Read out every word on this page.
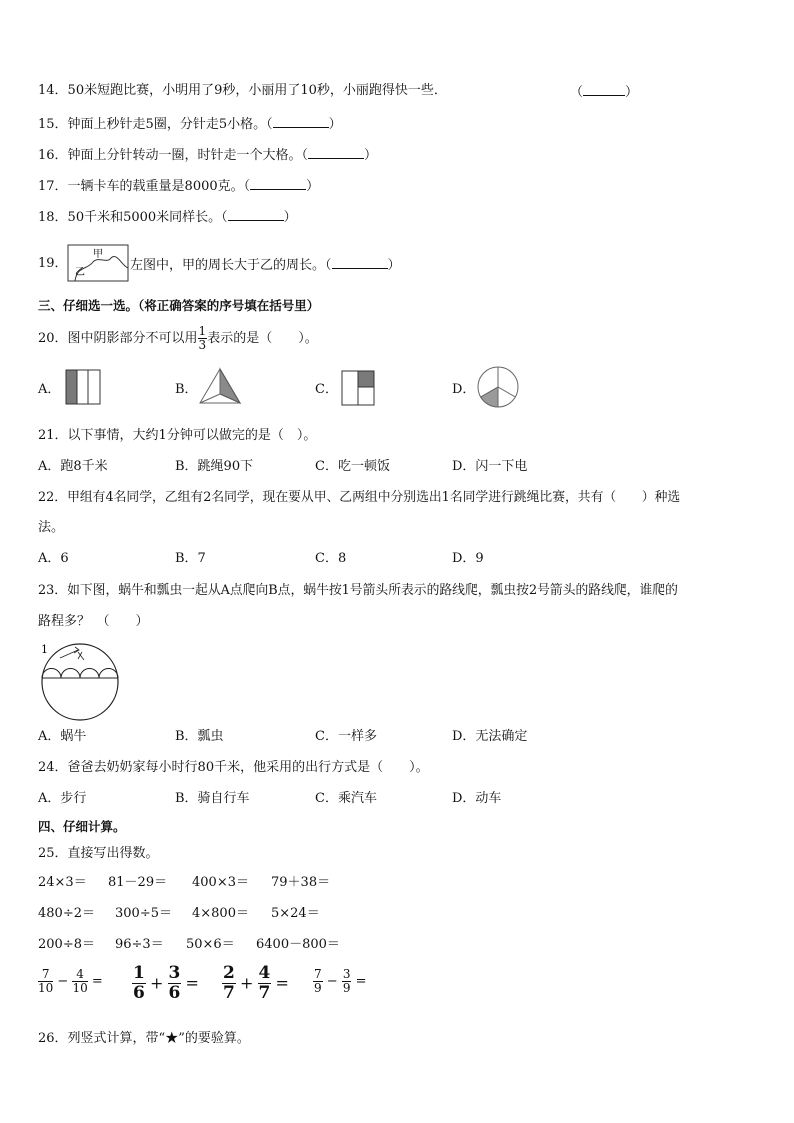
14．50米短跑比赛，小明用了9秒，小丽用了10秒，小丽跑得快一些．	（	）
15．钟面上秒针走5圈，分针走5小格。（	）
16．钟面上分针转动一圈，时针走一个大格。（	）
17．一辆卡车的载重量是8000克。（	）
18．50千米和5000米同样长。（	）
19．
甲
乙	左图中，甲的周长大于乙的周长。（	）
三、仔细选一选。（将正确答案的序号填在括号里）
20．图中阴影部分不可以用 $\frac{1}{3}$ 表示的是（　　）。
A．	B．	C．	D．
21．以下事情，大约1分钟可以做完的是（　）。
A．跑8千米	B．跳绳90下	C．吃一顿饭	D．闪一下电
22．甲组有4名同学，乙组有2名同学，现在要从甲、乙两组中分别选出1名同学进行跳绳比赛，共有（　　）种选
法。
A．6	B．7	C．8	D．9
23．如下图，蜗牛和瓢虫一起从A点爬向B点，蜗牛按1号箭头所表示的路线爬，瓢虫按2号箭头的路线爬，谁爬的
路程多？　（　　）
1
A．蜗牛	B．瓢虫	C．一样多	D．无法确定
24．爸爸去奶奶家每小时行80千米，他采用的出行方式是（　　）。
A．步行	B．骑自行车	C．乘汽车	D．动车
四、仔细计算。
25．直接写出得数。
24×3＝ 81－29＝ 400×3＝ 79＋38＝
480÷2＝ 300÷5＝ 4×800＝ 5×24＝
200÷8＝ 96÷3＝ 50×6＝ 6400－800＝
$\frac{7}{10} - \frac{4}{10} = \frac{1}{6} + \frac{3}{6} = \frac{2}{7} + \frac{4}{7} = \frac{7}{9} - \frac{3}{9}$ =
26．列竖式计算，带“★”的要验算。
